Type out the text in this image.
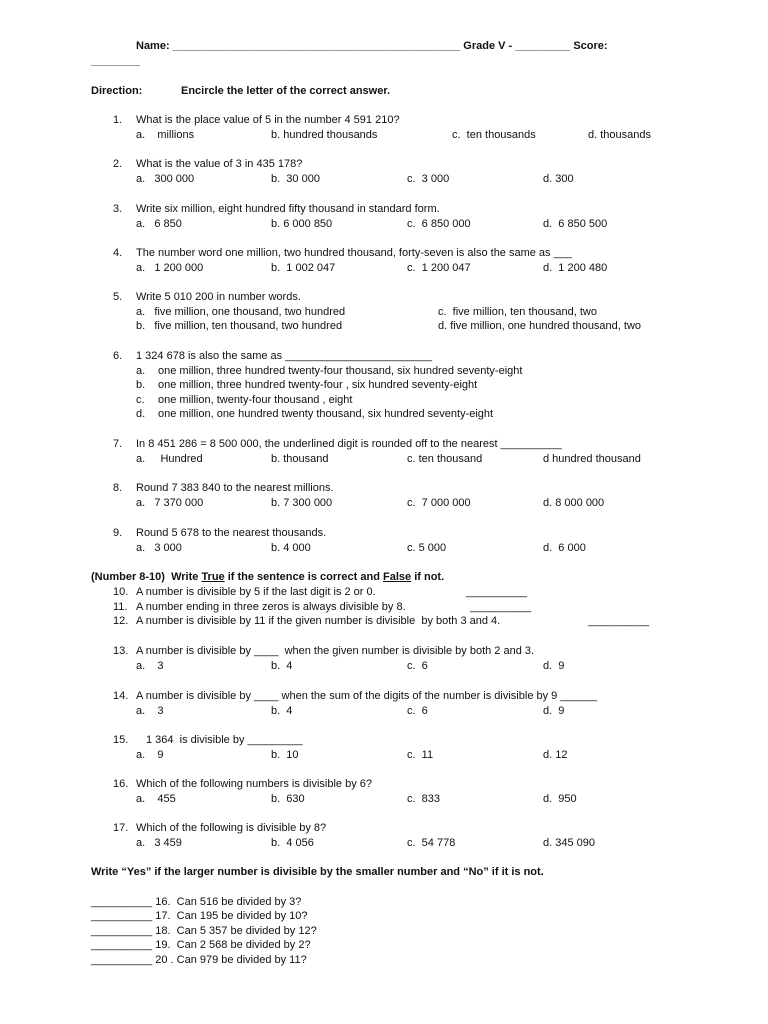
Name: _______________________________________________ Grade V - _________ Score:
________
Direction:	Encircle the letter of the correct answer.
1. What is the place value of 5 in the number 4 591 210?
a.    millions	b. hundred thousands	c.  ten thousands	d. thousands
2. What is the value of 3 in 435 178?
a.   300 000	b.  30 000	c.  3 000	d. 300
3. Write six million, eight hundred fifty thousand in standard form.
a.   6 850	b. 6 000 850	c.  6 850 000	d.  6 850 500
4. The number word one million, two hundred thousand, forty-seven is also the same as ___
a.   1 200 000	b.  1 002 047	c.  1 200 047	d.  1 200 480
5. Write 5 010 200 in number words.
a.   five million, one thousand, two hundred	c.  five million, ten thousand, two
b.   five million, ten thousand, two hundred	d. five million, one hundred thousand, two
6. 1 324 678 is also the same as ________________________
a. one million, three hundred twenty-four thousand, six hundred seventy-eight
b. one million, three hundred twenty-four , six hundred seventy-eight
c. one million, twenty-four thousand , eight
d. one million, one hundred twenty thousand, six hundred seventy-eight
7. In 8 451 286 = 8 500 000, the underlined digit is rounded off to the nearest __________
a.     Hundred	b. thousand	c. ten thousand	d hundred thousand
8. Round 7 383 840 to the nearest millions.
a.   7 370 000	b. 7 300 000	c.  7 000 000	d. 8 000 000
9. Round 5 678 to the nearest thousands.
a.   3 000	b. 4 000	c. 5 000	d.  6 000
(Number 8-10)  Write True if the sentence is correct and False if not.
10. A number is divisible by 5 if the last digit is 2 or 0.	__________
11. A number ending in three zeros is always divisible by 8.	__________
12. A number is divisible by 11 if the given number is divisible  by both 3 and 4.	__________
13. A number is divisible by ____  when the given number is divisible by both 2 and 3.
a.    3	b.  4	c.  6	d.  9
14. A number is divisible by ____ when the sum of the digits of the number is divisible by 9 ______
a.    3	b.  4	c.  6	d.  9
15. 1 364  is divisible by _________
a.    9	b.  10	c.  11	d. 12
16. Which of the following numbers is divisible by 6?
a.    455	b.  630	c.  833	d.  950
17. Which of the following is divisible by 8?
a.   3 459	b.  4 056	c.  54 778	d. 345 090
Write “Yes” if the larger number is divisible by the smaller number and “No” if it is not.
__________ 16.  Can 516 be divided by 3?
__________ 17.  Can 195 be divided by 10?
__________ 18.  Can 5 357 be divided by 12?
__________ 19.  Can 2 568 be divided by 2?
__________ 20 . Can 979 be divided by 11?
